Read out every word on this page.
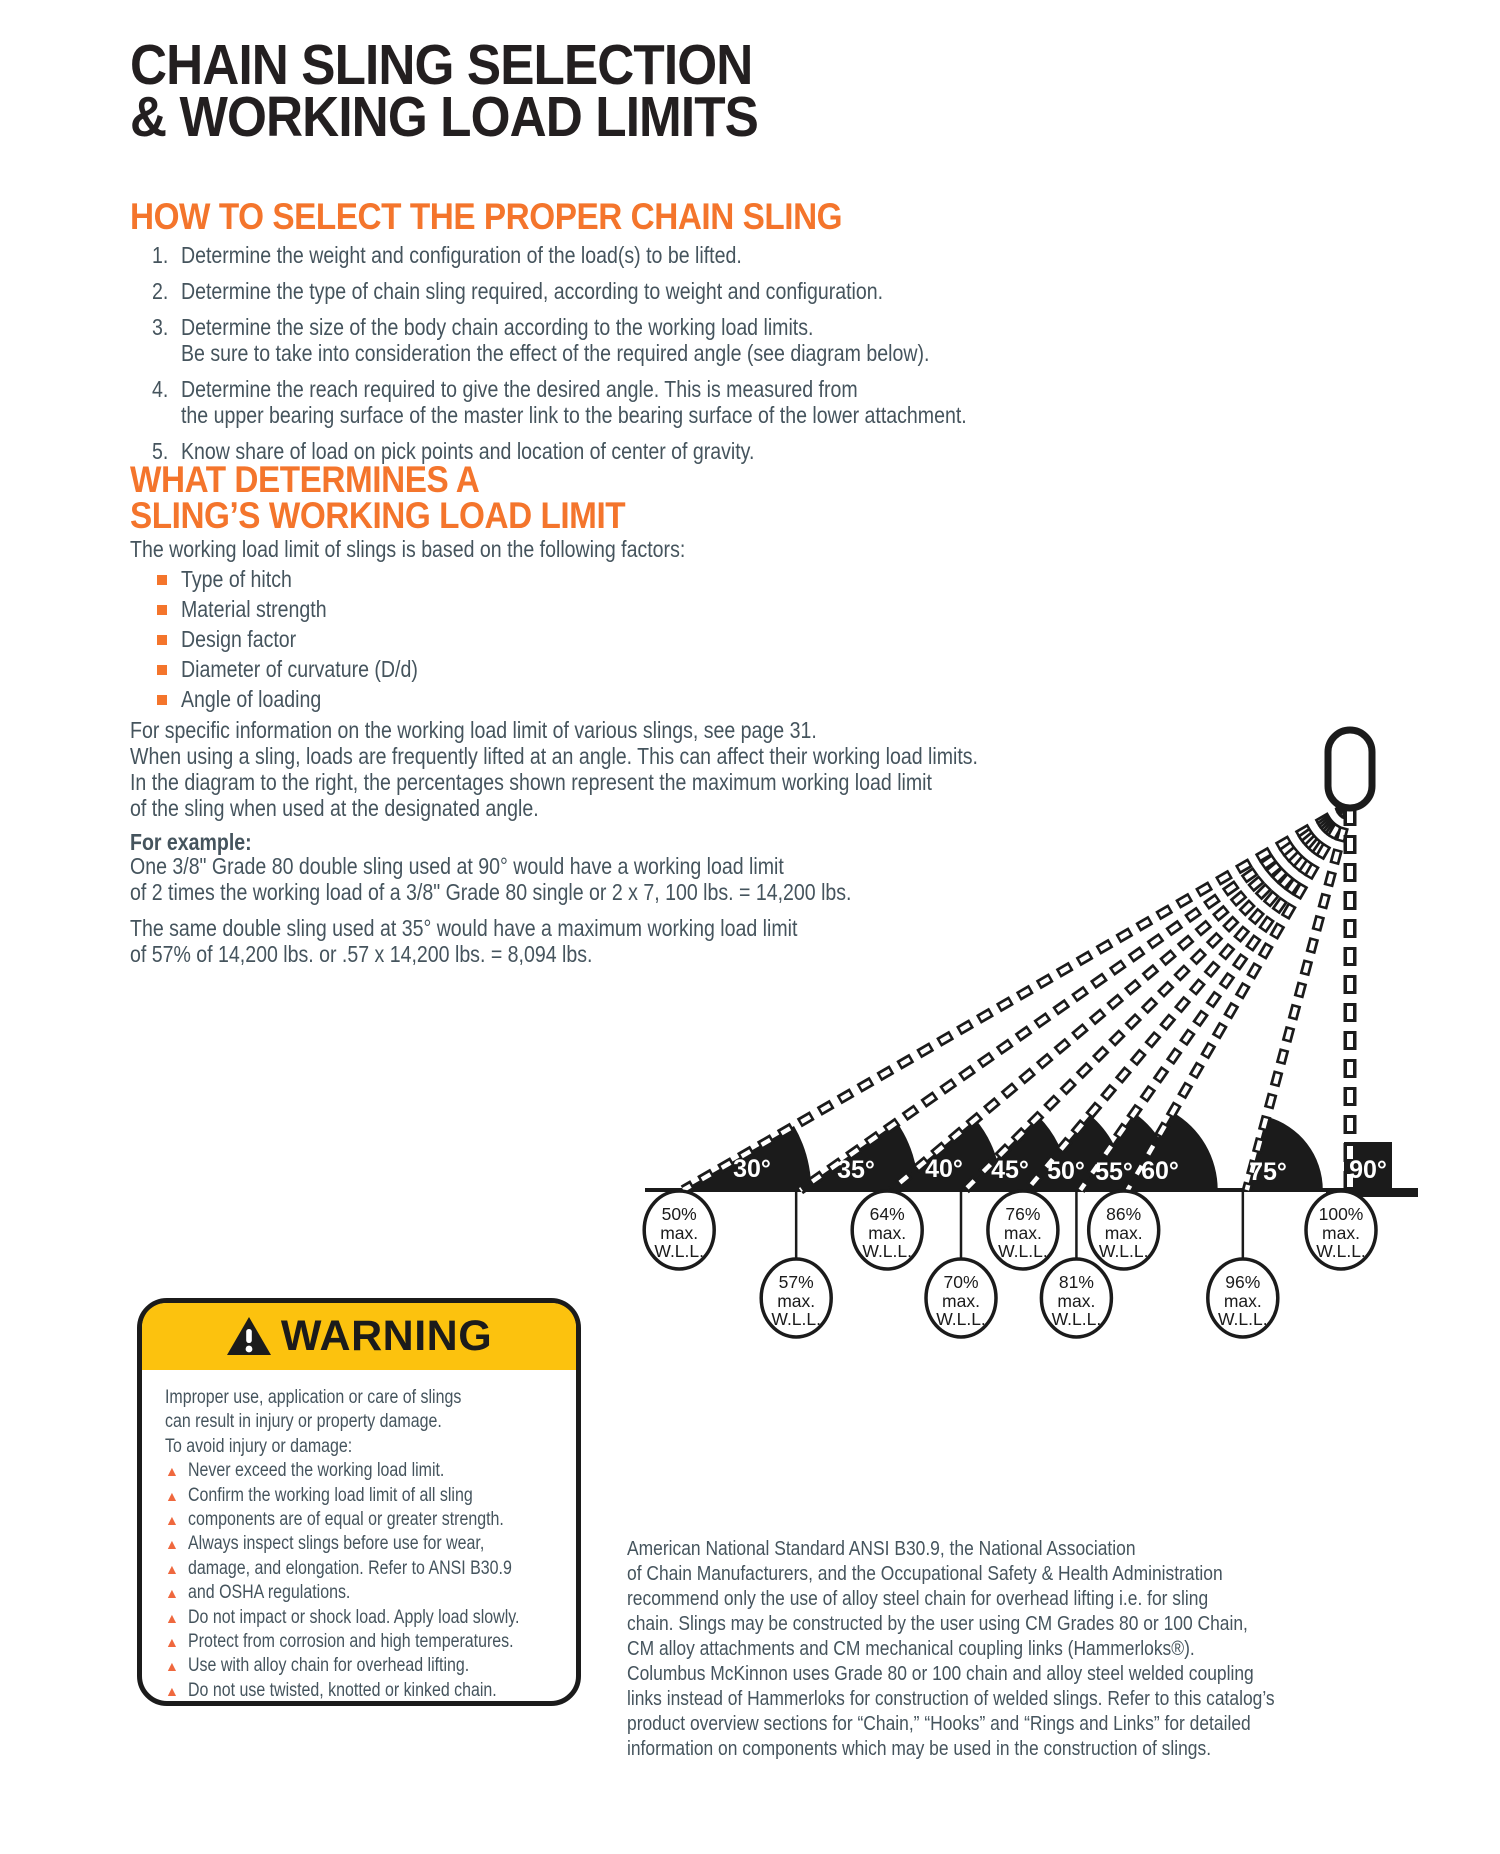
CHAIN SLING SELECTION
& WORKING LOAD LIMITS
HOW TO SELECT THE PROPER CHAIN SLING
WHAT DETERMINES A
SLING’S WORKING LOAD LIMIT
The working load limit of slings is based on the following factors:
For example:
1. Determine the weight and configuration of the load(s) to be lifted.
2. Determine the type of chain sling required, according to weight and configuration.
3. Determine the size of the body chain according to the working load limits.
Be sure to take into consideration the effect of the required angle (see diagram below).
4. Determine the reach required to give the desired angle. This is measured from
the upper bearing surface of the master link to the bearing surface of the lower attachment.
5. Know share of load on pick points and location of center of gravity.
Type of hitch
Material strength
Design factor
Diameter of curvature (D/d)
Angle of loading
For specific information on the working load limit of various slings, see page 31.
When using a sling, loads are frequently lifted at an angle. This can affect their working load limits.
In the diagram to the right, the percentages shown represent the maximum working load limit
of the sling when used at the designated angle.
One 3/8" Grade 80 double sling used at 90° would have a working load limit
of 2 times the working load of a 3/8" Grade 80 single or 2 x 7, 100 lbs. = 14,200 lbs.
The same double sling used at 35° would have a maximum working load limit
of 57% of 14,200 lbs. or .57 x 14,200 lbs. = 8,094 lbs.
American National Standard ANSI B30.9, the National Association
of Chain Manufacturers, and the Occupational Safety & Health Administration
recommend only the use of alloy steel chain for overhead lifting i.e. for sling
chain. Slings may be constructed by the user using CM Grades 80 or 100 Chain,
CM alloy attachments and CM mechanical coupling links (Hammerloks®).
Columbus McKinnon uses Grade 80 or 100 chain and alloy steel welded coupling
links instead of Hammerloks for construction of welded slings. Refer to this catalog’s
product overview sections for “Chain,” “Hooks” and “Rings and Links” for detailed
information on components which may be used in the construction of slings.
WARNING
Improper use, application or care of slings
can result in injury or property damage.
To avoid injury or damage:
▲ Never exceed the working load limit.
▲ Confirm the working load limit of all sling
▲ components are of equal or greater strength.
▲ Always inspect slings before use for wear,
▲ damage, and elongation. Refer to ANSI B30.9
▲ and OSHA regulations.
▲ Do not impact or shock load. Apply load slowly.
▲ Protect from corrosion and high temperatures.
▲ Use with alloy chain for overhead lifting.
▲ Do not use twisted, knotted or kinked chain.
50%
max.
W.L.L.
57%
max.
W.L.L.
64%
max.
W.L.L.
70%
max.
W.L.L.
76%
max.
W.L.L.
81%
max.
W.L.L.
86%
max.
W.L.L.
96%
max.
W.L.L.
100%
max.
W.L.L.
30°	35° 40° 45° 50° 55° 60°	75° 90°
